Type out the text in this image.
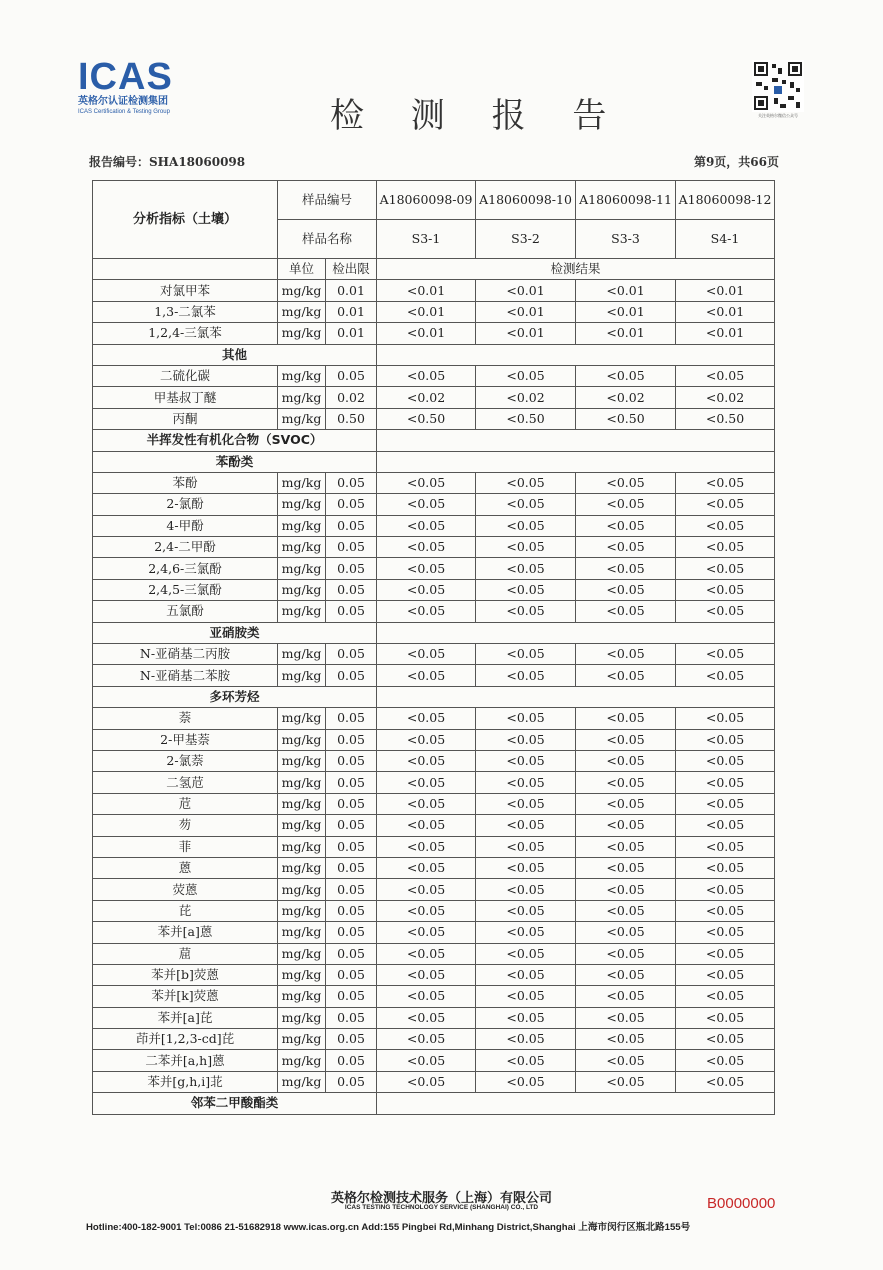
ICAS
英格尔认证检测集团
ICAS Certification & Testing Group	检 测 报 告	关注英格尔微信公众号
报告编号：SHA18060098	第9页，共66页
分析指标（土壤）	样品编号		A18060098-09	A18060098-10	A18060098-11	A18060098-12
	样品名称		S3-1	S3-2	S3-3	S4-1
	单位	检出限	检测结果			
对氯甲苯	mg/kg	0.01	<0.01	<0.01	<0.01	<0.01
1,3-二氯苯	mg/kg	0.01	<0.01	<0.01	<0.01	<0.01
1,2,4-三氯苯	mg/kg	0.01	<0.01	<0.01	<0.01	<0.01
其他						
二硫化碳	mg/kg	0.05	<0.05	<0.05	<0.05	<0.05
甲基叔丁醚	mg/kg	0.02	<0.02	<0.02	<0.02	<0.02
丙酮	mg/kg	0.50	<0.50	<0.50	<0.50	<0.50
半挥发性有机化合物（SVOC）						
苯酚类						
苯酚	mg/kg	0.05	<0.05	<0.05	<0.05	<0.05
2-氯酚	mg/kg	0.05	<0.05	<0.05	<0.05	<0.05
4-甲酚	mg/kg	0.05	<0.05	<0.05	<0.05	<0.05
2,4-二甲酚	mg/kg	0.05	<0.05	<0.05	<0.05	<0.05
2,4,6-三氯酚	mg/kg	0.05	<0.05	<0.05	<0.05	<0.05
2,4,5-三氯酚	mg/kg	0.05	<0.05	<0.05	<0.05	<0.05
五氯酚	mg/kg	0.05	<0.05	<0.05	<0.05	<0.05
亚硝胺类						
N-亚硝基二丙胺	mg/kg	0.05	<0.05	<0.05	<0.05	<0.05
N-亚硝基二苯胺	mg/kg	0.05	<0.05	<0.05	<0.05	<0.05
多环芳烃						
萘	mg/kg	0.05	<0.05	<0.05	<0.05	<0.05
2-甲基萘	mg/kg	0.05	<0.05	<0.05	<0.05	<0.05
2-氯萘	mg/kg	0.05	<0.05	<0.05	<0.05	<0.05
二氢苊	mg/kg	0.05	<0.05	<0.05	<0.05	<0.05
苊	mg/kg	0.05	<0.05	<0.05	<0.05	<0.05
芴	mg/kg	0.05	<0.05	<0.05	<0.05	<0.05
菲	mg/kg	0.05	<0.05	<0.05	<0.05	<0.05
蒽	mg/kg	0.05	<0.05	<0.05	<0.05	<0.05
荧蒽	mg/kg	0.05	<0.05	<0.05	<0.05	<0.05
芘	mg/kg	0.05	<0.05	<0.05	<0.05	<0.05
苯并[a]蒽	mg/kg	0.05	<0.05	<0.05	<0.05	<0.05
䓛	mg/kg	0.05	<0.05	<0.05	<0.05	<0.05
苯并[b]荧蒽	mg/kg	0.05	<0.05	<0.05	<0.05	<0.05
苯并[k]荧蒽	mg/kg	0.05	<0.05	<0.05	<0.05	<0.05
苯并[a]芘	mg/kg	0.05	<0.05	<0.05	<0.05	<0.05
茚并[1,2,3-cd]芘	mg/kg	0.05	<0.05	<0.05	<0.05	<0.05
二苯并[a,h]蒽	mg/kg	0.05	<0.05	<0.05	<0.05	<0.05
苯并[g,h,i]苝	mg/kg	0.05	<0.05	<0.05	<0.05	<0.05
邻苯二甲酸酯类						
英格尔检测技术服务（上海）有限公司
ICAS TESTING TECHNOLOGY SERVICE (SHANGHAI) CO., LTD	B0000000
Hotline:400-182-9001 Tel:0086 21-51682918 www.icas.org.cn Add:155 Pingbei Rd,Minhang District,Shanghai 上海市闵行区瓶北路155号
